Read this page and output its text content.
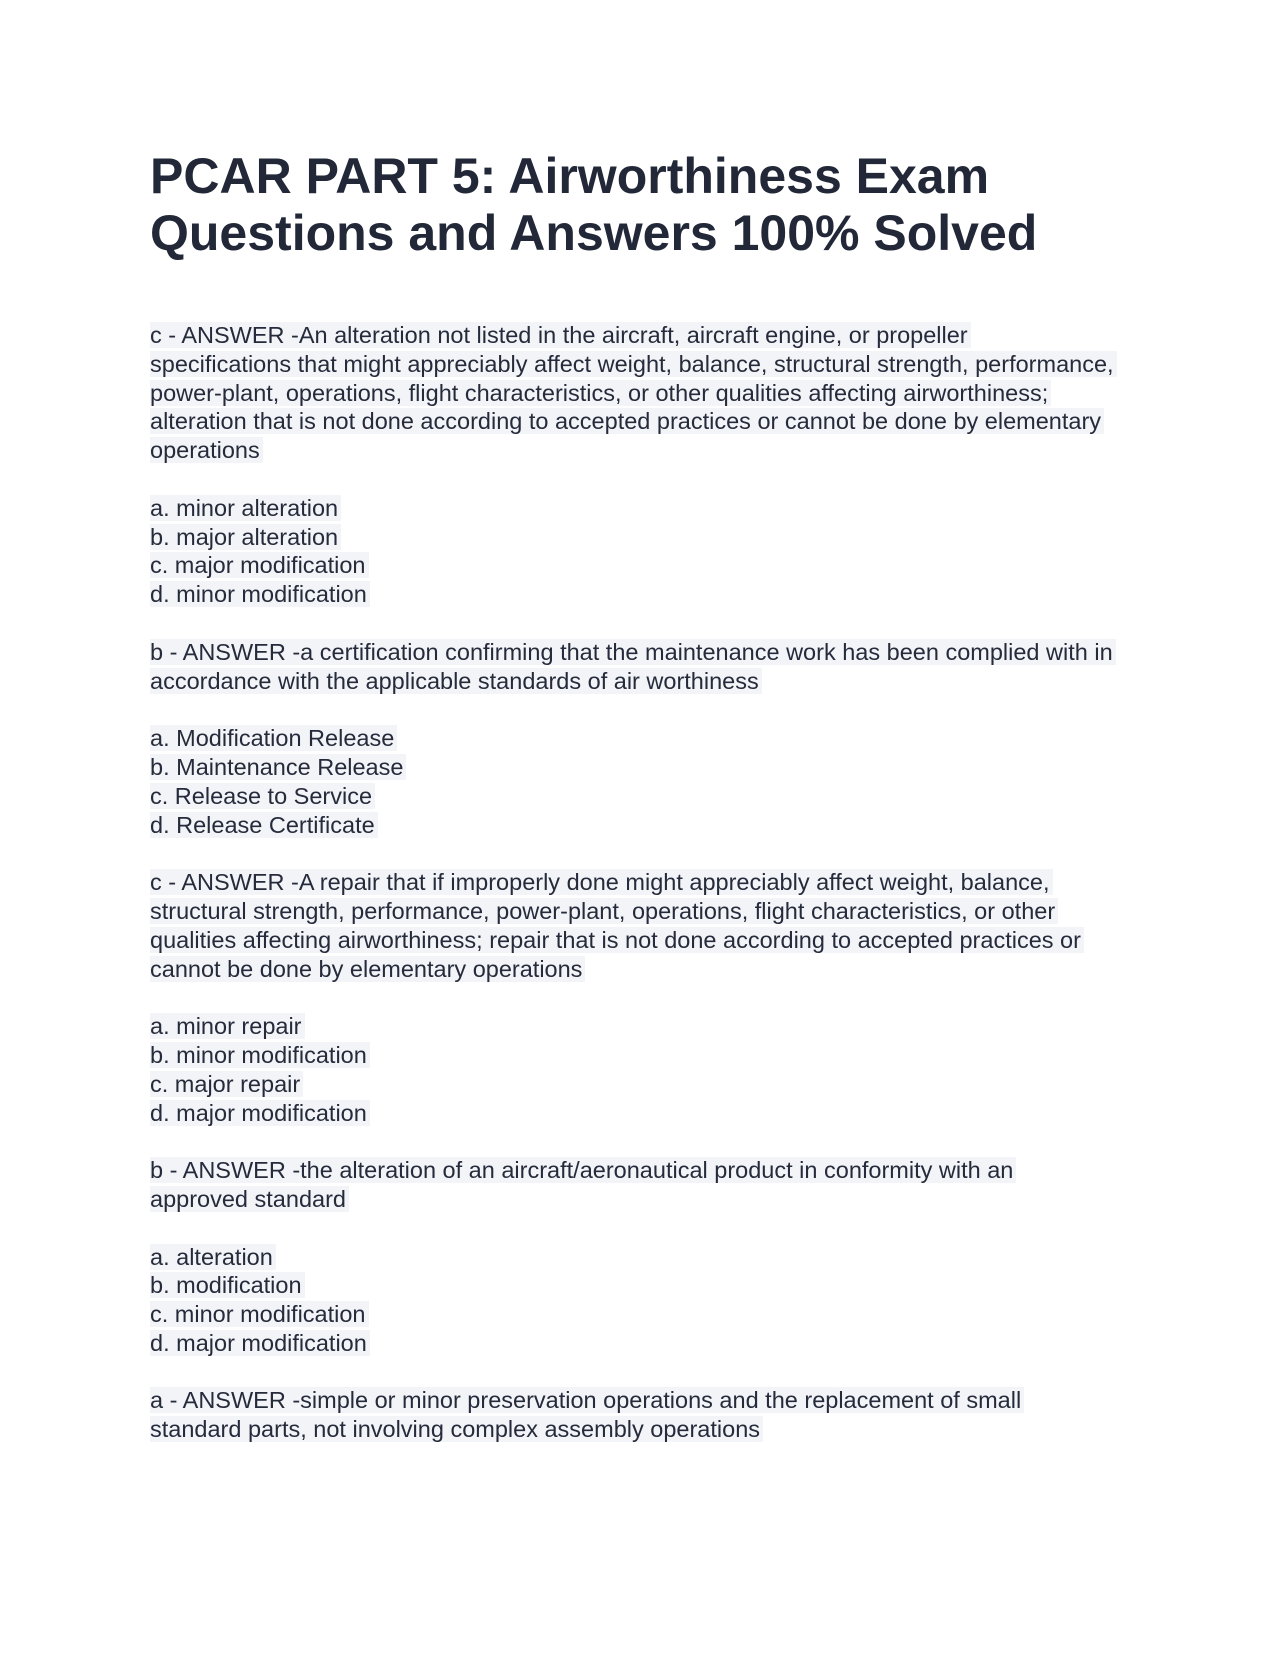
PCAR PART 5: Airworthiness Exam Questions and Answers 100% Solved

c - ANSWER -An alteration not listed in the aircraft, aircraft engine, or propeller specifications that might appreciably affect weight, balance, structural strength, performance, power-plant, operations, flight characteristics, or other qualities affecting airworthiness; alteration that is not done according to accepted practices or cannot be done by elementary operations

a. minor alteration
b. major alteration
c. major modification
d. minor modification

b - ANSWER -a certification confirming that the maintenance work has been complied with in accordance with the applicable standards of air worthiness

a. Modification Release
b. Maintenance Release
c. Release to Service
d. Release Certificate

c - ANSWER -A repair that if improperly done might appreciably affect weight, balance, structural strength, performance, power-plant, operations, flight characteristics, or other qualities affecting airworthiness; repair that is not done according to accepted practices or cannot be done by elementary operations

a. minor repair
b. minor modification
c. major repair
d. major modification

b - ANSWER -the alteration of an aircraft/aeronautical product in conformity with an approved standard

a. alteration
b. modification
c. minor modification
d. major modification

a - ANSWER -simple or minor preservation operations and the replacement of small standard parts, not involving complex assembly operations
